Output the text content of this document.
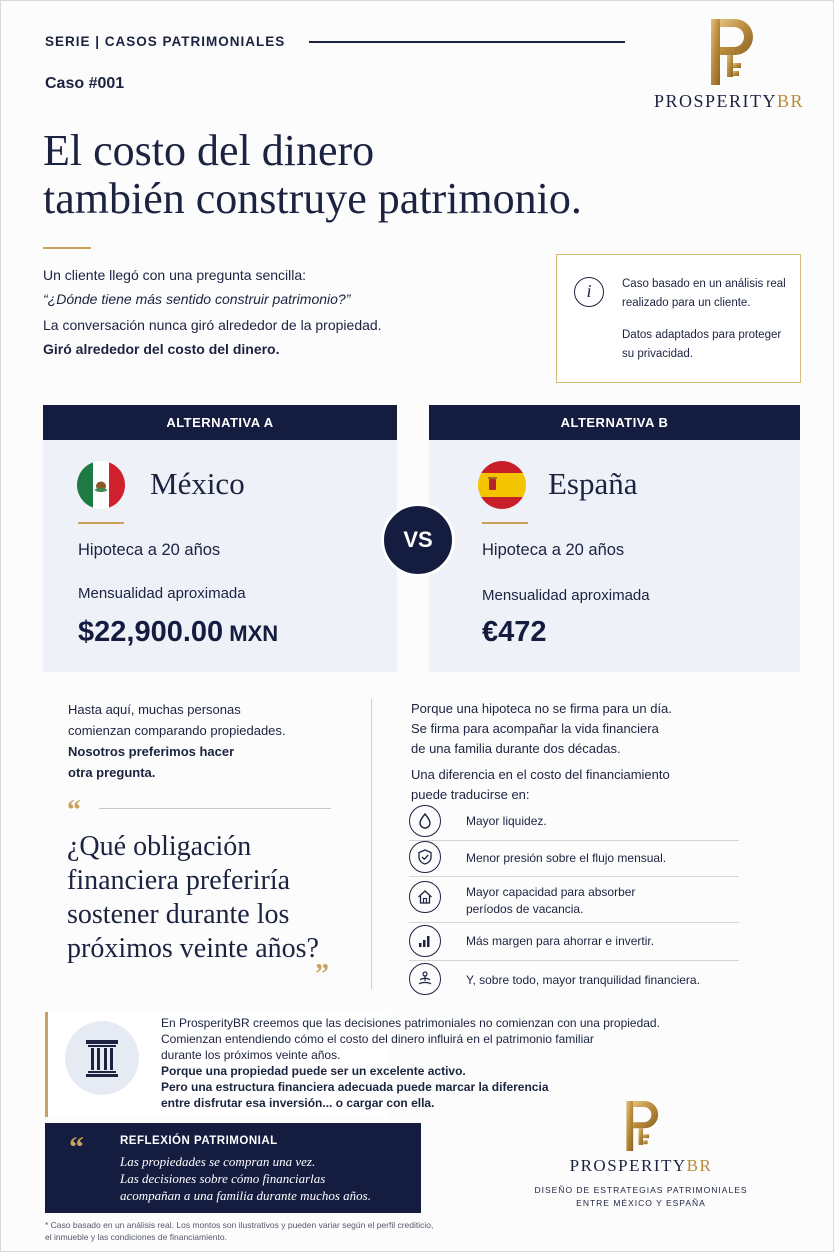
SERIE | CASOS PATRIMONIALES
Caso #001
PROSPERITYBR
El costo del dinero
también construye patrimonio.

Un cliente llegó con una pregunta sencilla:

“¿Dónde tiene más sentido construir patrimonio?”

La conversación nunca giró alrededor de la propiedad.

Giró alrededor del costo del dinero.

i	Caso basado en un análisis real realizado para un cliente.
Datos adaptados para proteger su privacidad.
ALTERNATIVA A
México
Hipoteca a 20 años
Mensualidad aproximada
$22,900.00 MXN
ALTERNATIVA B
España
Hipoteca a 20 años
Mensualidad aproximada
€472
VS
Hasta aquí, muchas personas
comienzan comparando propiedades.
Nosotros preferimos hacer
otra pregunta.
“
¿Qué obligación
financiera preferiría
sostener durante los
próximos veinte años?
”
Porque una hipoteca no se firma para un día.
Se firma para acompañar la vida financiera
de una familia durante dos décadas.
Una diferencia en el costo del financiamiento
puede traducirse en:
Mayor liquidez.
Menor presión sobre el flujo mensual.
Mayor capacidad para absorber
períodos de vacancia.
Más margen para ahorrar e invertir.
Y, sobre todo, mayor tranquilidad financiera.
En ProsperityBR creemos que las decisiones patrimoniales no comienzan con una propiedad.
Comienzan entendiendo cómo el costo del dinero influirá en el patrimonio familiar
durante los próximos veinte años.
Porque una propiedad puede ser un excelente activo.
Pero una estructura financiera adecuada puede marcar la diferencia
entre disfrutar esa inversión... o cargar con ella.
“	REFLEXIÓN PATRIMONIAL
Las propiedades se compran una vez.
Las decisiones sobre cómo financiarlas
acompañan a una familia durante muchos años.
PROSPERITYBR
DISEÑO DE ESTRATEGIAS PATRIMONIALES
ENTRE MÉXICO Y ESPAÑA
* Caso basado en un análisis real. Los montos son ilustrativos y pueden variar según el perfil crediticio,
el inmueble y las condiciones de financiamiento.
